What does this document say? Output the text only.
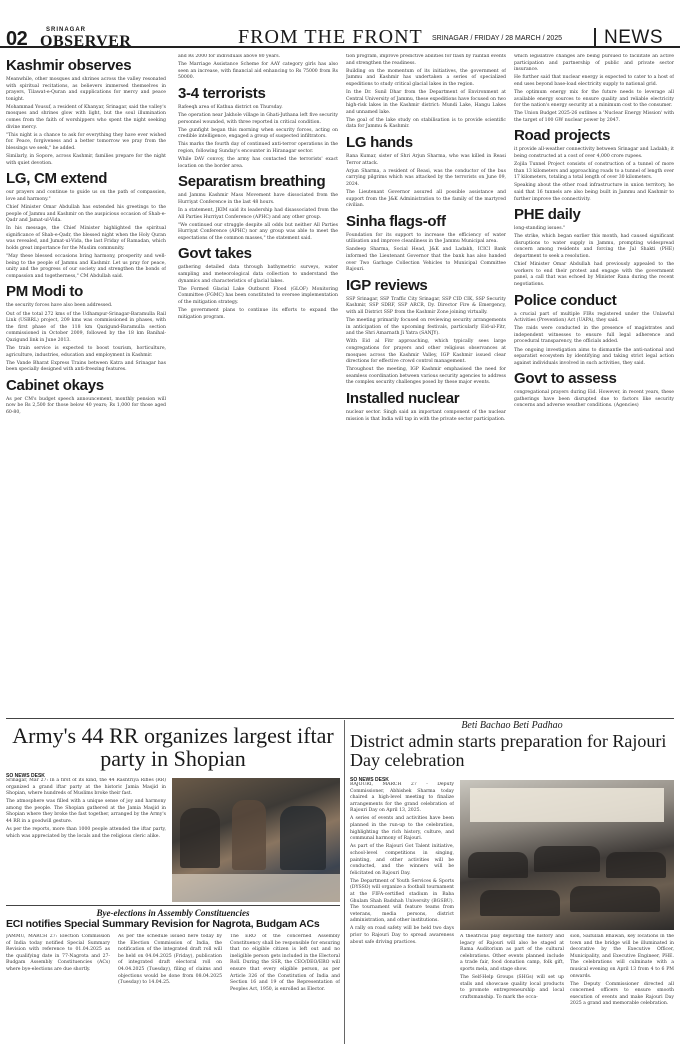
02	SRINAGAR
OBSERVER	FROM THE FRONT SRINAGAR / FRIDAY / 28 MARCH / 2025 NEWS
Kashmir observes

Meanwhile, other mosques and shrines across the valley resonated with spiritual recitations, as believers immersed themselves in prayers, Tilawat-e-Quran and supplications for mercy and peace tonight.

Mohammad Yousuf, a resident of Khanyar, Srinagar, said the valley's mosques and shrines glow with light, but the soul illumination comes from the faith of worshippers who spent the night seeking divine mercy.

"This night is a chance to ask for everything they have ever wished for. Peace, forgiveness and a better tomorrow we pray from the blessings we seek," he added.

Similarly, in Sopore, across Kashmir, families prepare for the night with quiet devotion.

LG, CM extend

our prayers and continue to guide us on the path of compassion, love and harmony."

Chief Minister Omar Abdullah has extended his greetings to the people of Jammu and Kashmir on the auspicious occasion of Shab-e-Qadr and Jamat-ul-Vida.

In his message, the Chief Minister highlighted the spiritual significance of Shab-e-Qadr, the blessed night when the Holy Quran was revealed, and Jumat-ul-Vida, the last Friday of Ramadan, which holds great importance for the Muslim community.

"May these blessed occasions bring harmony, prosperity and well-being to the people of Jammu and Kashmir. Let us pray for peace, unity and the progress of our society and strengthen the bonds of compassion and togetherness," CM Abdullah said.

PM Modi to

the security forces have also been addressed.

Out of the total 272 kms of the Udhampur-Srinagar-Baramulla Rail Link (USBRL) project, 209 kms was commissioned in phases, with the first phase of the 118 km Qazigund-Baramulla section commissioned in October 2009, followed by the 18 km Banihal-Qazigund link in June 2013.

The train service is expected to boost tourism, horticulture, agriculture, industries, education and employment in Kashmir.

The Vande Bharat Express Trains between Katra and Srinagar has been specially designed with anti-freezing features.

Cabinet okays

As per CM's budget speech announcement, monthly pension will now be Rs 2,500 for those below 40 years; Rs 1,000 for those aged 60-80,

and Rs 2000 for individuals above 80 years.

The Marriage Assistance Scheme for AAY category girls has also seen an increase, with financial aid enhancing to Rs 75000 from Rs 50000.

3-4 terrorists

Rafeeqh area of Kathua district on Thursday.

The operation near Jakhole village in Ghati-Juthana left five security personnel wounded, with three reported in critical condition.

The gunfight began this morning when security forces, acting on credible intelligence, engaged a group of suspected infiltrators.

This marks the fourth day of continued anti-terror operations in the region, following Sunday's encounter in Hiranagar sector.

While DAV convoy, the army has contacted the terrorists' exact location on the border area.

Separatism breathing

and Jammu Kashmir Mass Movement have dissociated from the Hurriyat Conference in the last 48 hours.

In a statement, JKIM said its leadership had disassociated from the All Parties Hurriyat Conference (APHC) and any other group.

"We continued our struggle despite all odds but neither All Parties Hurriyat Conference (APHC) nor any group was able to meet the expectations of the common masses," the statement said.

Govt takes

gathering detailed data through bathymetric surveys, water sampling and meteorological data collection to understand the dynamics and characteristics of glacial lakes.

The Formed Glacial Lake Outburst Flood (GLOF) Monitoring Committee (FGMC) has been constituted to oversee implementation of the mitigation strategy.

The government plans to continue its efforts to expand the mitigation program.

tion program, improve predictive abilities for flash by rainfall events and strengthen the readiness.

Building on the momentum of its initiatives, the government of Jammu and Kashmir has undertaken a series of specialized expeditions to study critical glacial lakes in the region.

In the Dr. Sunil Dhar from the Department of Environment at Central University of Jammu, these expeditions have focused on two high-risk lakes in the Kashmir district: Mundi Lake, Hangu Lakes and unnamed lake.

The goal of the lake study on stabilisation is to provide scientific data for Jammu & Kashmir.

LG hands

Rana Kumar, sister of Shri Arjun Sharma, who was killed in Reasi Terror attack.

Arjun Sharma, a resident of Reasi, was the conductor of the bus carrying pilgrims which was attacked by the terrorists on June 09, 2024.

The Lieutenant Governor assured all possible assistance and support from the J&K Administration to the family of the martyred civilian.

Sinha flags-off

Foundation for its support to increase the efficiency of water utilisation and improve cleanliness in the Jammu Municipal area.

Sandeep Sharma, Social Head, J&K and Ladakh, ICICI Bank informed the Lieutenant Governor that the bank has also handed over Two Garbage Collection Vehicles to Municipal Committee Rajouri.

IGP reviews

SSP Srinagar, SSP Traffic City Srinagar, SSP CID CIK, SSP Security Kashmir, SSP SDRF, SSP ARCR, Dy. Director Fire & Emergency, with all District SSP from the Kashmir Zone joining virtually.

The meeting primarily focused on reviewing security arrangements in anticipation of the upcoming festivals, particularly Eid-ul-Fitr, and the Shri Amarnath Ji Yatra (SANJY).

With Eid al Fitr approaching, which typically sees large congregations for prayers and other religious observances at mosques across the Kashmir Valley, IGP Kashmir issued clear directions for effective crowd control management.

Throughout the meeting, IGP Kashmir emphasised the need for seamless coordination between various security agencies to address the complex security challenges posed by these major events.

Installed nuclear

nuclear sector. Singh said an important component of the nuclear mission is that India will tap in with the private sector participation.

which legislative changes are being pursued to facilitate an active participation and partnership of public and private sector insurance.

He further said that nuclear energy is expected to cater to a host of end uses beyond base-load electricity supply to national grid.

The optimum energy mix for the future needs to leverage all available energy sources to ensure quality and reliable electricity for the nation's energy security at a minimum cost to the consumer.

The Union Budget 2025-26 outlines a 'Nuclear Energy Mission' with the target of 100 GW nuclear power by 2047.

Road projects

it provide all-weather connectivity between Srinagar and Ladakh; it being constructed at a cost of over 4,000 crore rupees.

Zojila Tunnel Project consists of construction of a tunnel of more than 13 kilometers and approaching roads to a tunnel of length over 17 kilometers, totaling a total length of over 30 kilometers.

Speaking about the other road infrastructure in union territory, he said that 16 tunnels are also being built in Jammu and Kashmir to further improve the connectivity.

PHE daily

long-standing issues."

The strike, which began earlier this month, had caused significant disruptions to water supply in Jammu, prompting widespread concern among residents and forcing the Jal Shakti (PHE) department to seek a resolution.

Chief Minister Omar Abdullah had previously appealed to the workers to end their protest and engage with the government panel, a call that was echoed by Minister Rana during the recent negotiations.

Police conduct

a crucial part of multiple FIRs registered under the Unlawful Activities (Prevention) Act (UAPA), they said.

The raids were conducted in the presence of magistrates and independent witnesses to ensure full legal adherence and procedural transparency, the officials added.

The ongoing investigation aims to dismantle the anti-national and separatist ecosystem by identifying and taking strict legal action against individuals involved in such activities, they said.

Govt to assess

congregational prayers during Eid. However, in recent years, these gatherings have been disrupted due to factors like security concerns and adverse weather conditions. (Agencies)

Army's 44 RR organizes largest iftar party in Shopian
SO NEWS DESK

Srinagar, Mar 27: In a first of its kind, the 44 Rashtriya Rifles (RR) organized a grand iftar party at the historic Jamia Masjid in Shopian, where hundreds of Muslims broke their fast.

The atmosphere was filled with a unique sense of joy and harmony among the people. The Shopian gathered at the Jamia Masjid in Shopian where they broke the fast together, arranged by the Army's 44 RR in a goodwill gesture.

As per the reports, more than 1000 people attended the iftar party, which was appreciated by the locals and the religious cleric alike.

Bye-elections in Assembly Constituencies
ECI notifies Special Summary Revision for Nagrota, Budgam ACs

JAMMU, MARCH 27: Election Commission of India today notified Special Summary Revision with reference to 01.04.2025 as the qualifying date in 77-Nagrota and 27-Budgam Assembly Constituencies (ACs) where bye-elections are due shortly.

As per the schedule issued here today by the Election Commission of India, the notification of the integrated draft roll will be held on 04.04.2025 (Friday), publication of integrated draft electoral roll on 04.04.2025 (Tuesday), filing of claims and objections would be done from 08.04.2025 (Tuesday) to 14.04.25.

The ERO of the concerned Assembly Constituency shall be responsible for ensuring that no eligible citizen is left out and no ineligible person gets included in the Electoral Roll. During the SSR, the CEO/DEO/ERO will ensure that every eligible person, as per Article 326 of the Constitution of India and Section 16 and 19 of the Representation of Peoples Act, 1950, is enrolled as Elector.

Beti Bachao Beti Padhao
District admin starts preparation for Rajouri Day celebration
SO NEWS DESK

RAJOURI, MARCH 27 - Deputy Commissioner, Abhishek Sharma today chaired a high-level meeting to finalize arrangements for the grand celebration of Rajouri Day on April 13, 2025.

A series of events and activities have been planned in the run-up to the celebration, highlighting the rich history, culture, and communal harmony of Rajouri.

As part of the Rajouri Got Talent initiative, school-level competitions in singing, painting, and other activities will be conducted, and the winners will be felicitated on Rajouri Day.

The Department of Youth Services & Sports (DYSSO) will organize a football tournament at the FIFA-certified stadium in Baba Ghulam Shah Badshah University (BGSBU). The tournament will feature teams from veterans, media persons, district administration, and other institutions.

A rally on road safety will be held two days prior to Rajouri Day to spread awareness about safe driving practices.

A theatrical play depicting the history and legacy of Rajouri will also be staged at Rama Auditorium as part of the cultural celebrations. Other events planned include a trade fair, food donation camp, folk gift, sports mela, and stage show.

The Self-Help Groups (SHGs) will set up stalls and showcase quality local products to promote entrepreneurship and local craftsmanship. To mark the occa-

sion, Saifullah Bhawan, key locations in the town and the bridge will be illuminated in decorative by the Executive Officer, Municipality, and Executive Engineer, PHE. The celebrations will culminate with a musical evening on April 13 from 4 to 6 PM onwards.

The Deputy Commissioner directed all concerned officers to ensure smooth execution of events and make Rajouri Day 2025 a grand and memorable celebration.
